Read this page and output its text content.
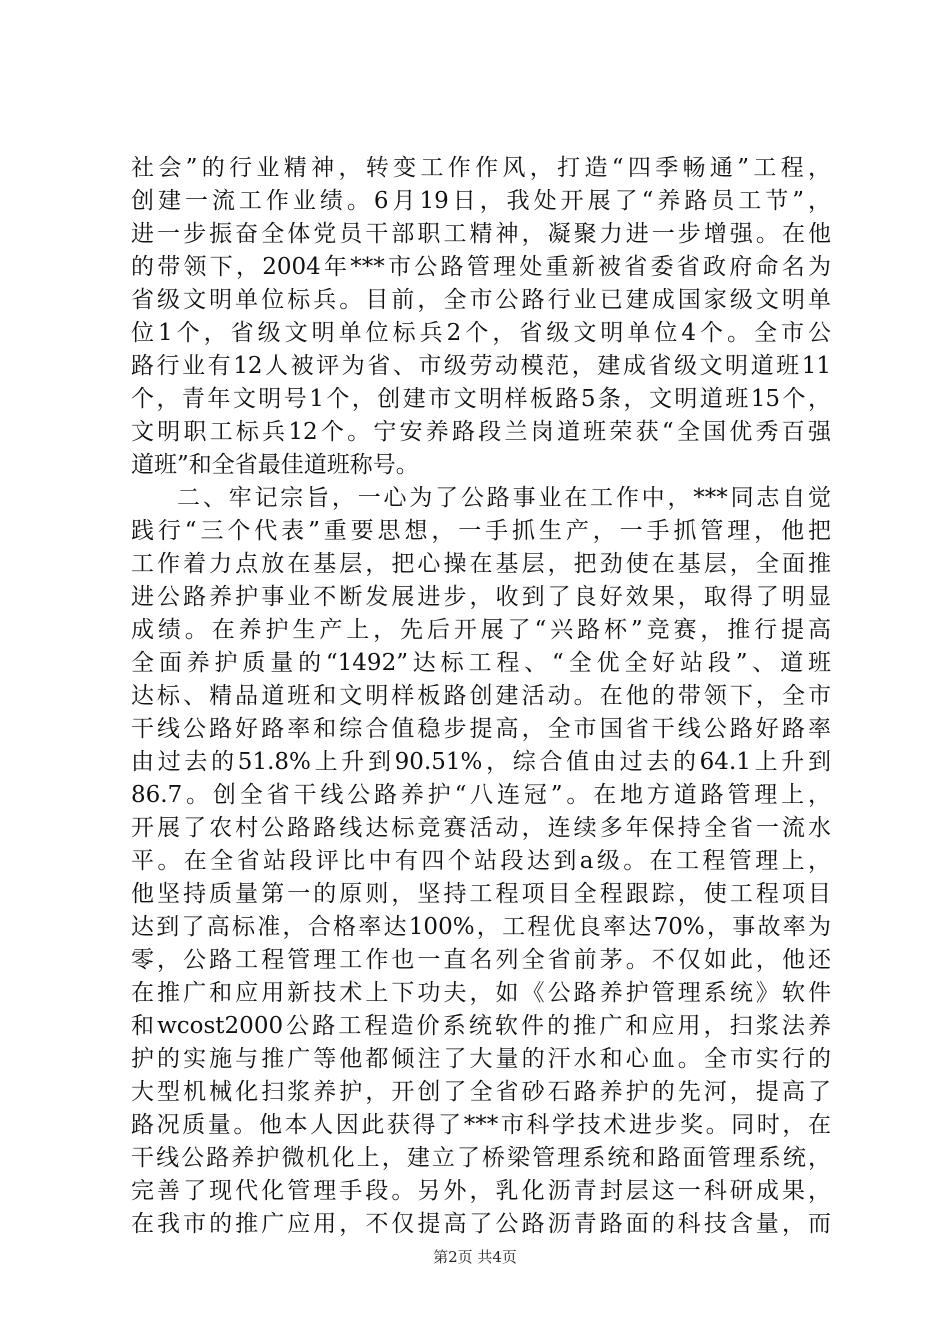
社会”的行业精神，转变工作作风，打造“四季畅通”工程，
创建一流工作业绩。6月19日，我处开展了“养路员工节”，
进一步振奋全体党员干部职工精神，凝聚力进一步增强。在他
的带领下，2004年***市公路管理处重新被省委省政府命名为
省级文明单位标兵。目前，全市公路行业已建成国家级文明单
位1个，省级文明单位标兵2个，省级文明单位4个。全市公
路行业有12人被评为省、市级劳动模范，建成省级文明道班11
个，青年文明号1个，创建市文明样板路5条，文明道班15个，
文明职工标兵12个。宁安养路段兰岗道班荣获“全国优秀百强
道班”和全省最佳道班称号。
二、牢记宗旨，一心为了公路事业在工作中，***同志自觉
践行“三个代表”重要思想，一手抓生产，一手抓管理，他把
工作着力点放在基层，把心操在基层，把劲使在基层，全面推
进公路养护事业不断发展进步，收到了良好效果，取得了明显
成绩。在养护生产上，先后开展了“兴路杯”竞赛，推行提高
全面养护质量的“1492”达标工程、“全优全好站段”、道班
达标、精品道班和文明样板路创建活动。在他的带领下，全市
干线公路好路率和综合值稳步提高，全市国省干线公路好路率
由过去的51.8%上升到90.51%，综合值由过去的64.1上升到
86.7。创全省干线公路养护“八连冠”。在地方道路管理上，
开展了农村公路路线达标竞赛活动，连续多年保持全省一流水
平。在全省站段评比中有四个站段达到a级。在工程管理上，
他坚持质量第一的原则，坚持工程项目全程跟踪，使工程项目
达到了高标准，合格率达100%，工程优良率达70%，事故率为
零，公路工程管理工作也一直名列全省前茅。不仅如此，他还
在推广和应用新技术上下功夫，如《公路养护管理系统》软件
和wcost2000公路工程造价系统软件的推广和应用，扫浆法养
护的实施与推广等他都倾注了大量的汗水和心血。全市实行的
大型机械化扫浆养护，开创了全省砂石路养护的先河，提高了
路况质量。他本人因此获得了***市科学技术进步奖。同时，在
干线公路养护微机化上，建立了桥梁管理系统和路面管理系统，
完善了现代化管理手段。另外，乳化沥青封层这一科研成果，
在我市的推广应用，不仅提高了公路沥青路面的科技含量，而
第2页 共4页
